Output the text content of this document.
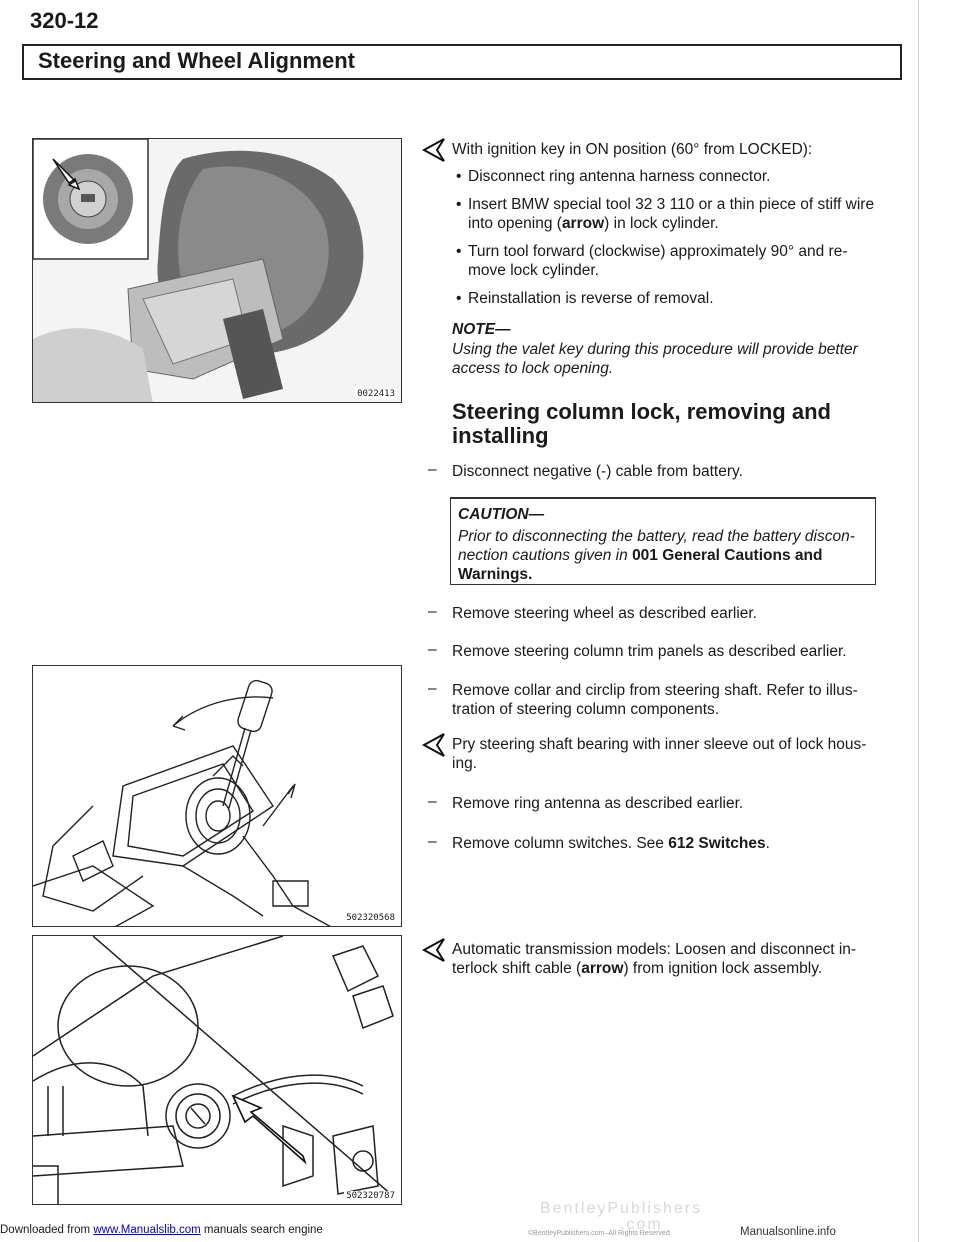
320-12
Steering and Wheel Alignment
0022413
502320568
502320787
With ignition key in ON position (60° from LOCKED):
• Disconnect ring antenna harness connector.
• Insert BMW special tool 32 3 110 or a thin piece of stiff wire
into opening (arrow) in lock cylinder.
• Turn tool forward (clockwise) approximately 90° and re-
move lock cylinder.
• Reinstallation is reverse of removal.
NOTE—
Using the valet key during this procedure will provide better
access to lock opening.
Steering column lock, removing and
installing
– Disconnect negative (-) cable from battery.
CAUTION—
Prior to disconnecting the battery, read the battery discon-
nection cautions given in 001 General Cautions and
Warnings.
– Remove steering wheel as described earlier.
– Remove steering column trim panels as described earlier.
– Remove collar and circlip from steering shaft. Refer to illus-
tration of steering column components.
Pry steering shaft bearing with inner sleeve out of lock hous-
ing.
– Remove ring antenna as described earlier.
– Remove column switches. See 612 Switches.
Automatic transmission models: Loosen and disconnect in-
terlock shift cable (arrow) from ignition lock assembly.
BentleyPublishers
.com
©BentleyPublishers.com–All Rights Reserved
Downloaded from www.Manualslib.com manuals search engine	Manualsonline.info
